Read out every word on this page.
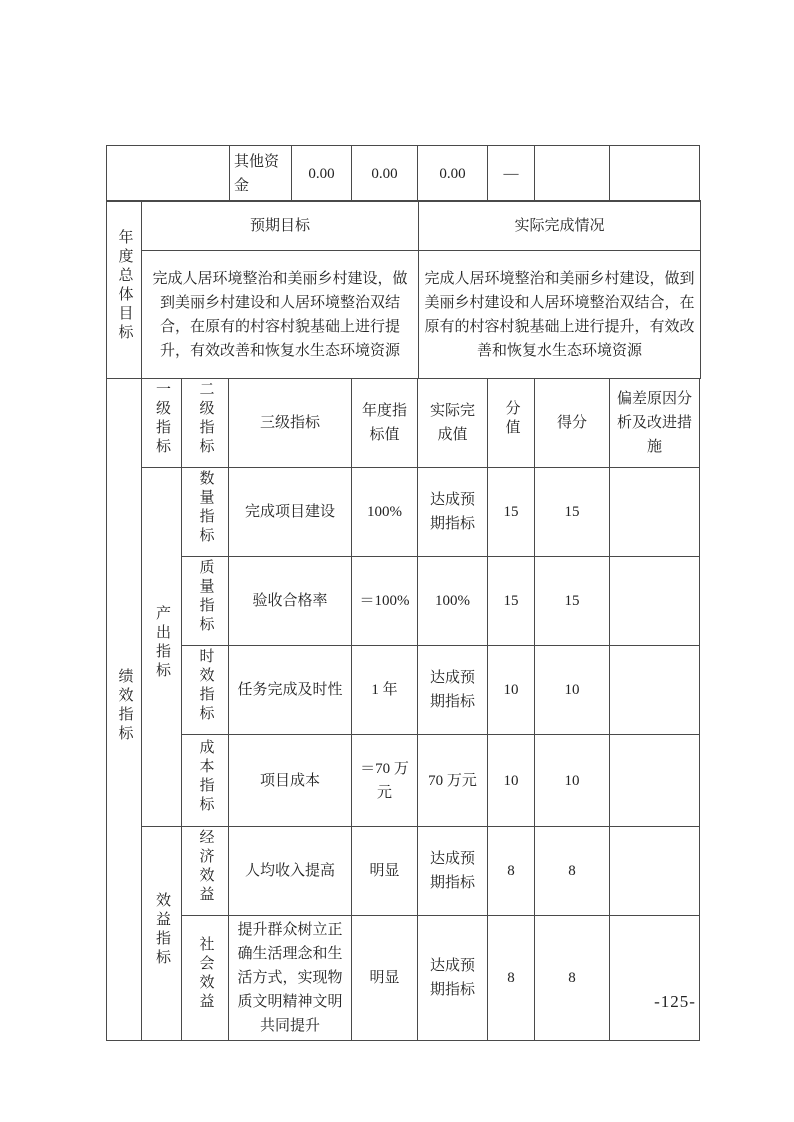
	其他资金	0.00	0.00	0.00	—		
年度总体目标	预期目标	实际完成情况
	完成人居环境整治和美丽乡村建设，做到美丽乡村建设和人居环境整治双结合，在原有的村容村貌基础上进行提升，有效改善和恢复水生态环境资源	完成人居环境整治和美丽乡村建设，做到美丽乡村建设和人居环境整治双结合，在原有的村容村貌基础上进行提升，有效改善和恢复水生态环境资源
绩效指标	一级指标	二级指标	三级指标	年度指标值	实际完成值	分值	得分	偏差原因分析及改进措施
	产出指标	数量指标	完成项目建设	100%	达成预期指标	15	15	
		质量指标	验收合格率	＝100%	100%	15	15	
		时效指标	任务完成及时性	1 年	达成预期指标	10	10	
		成本指标	项目成本	＝70 万元	70 万元	10	10	
	效益指标	经济效益	人均收入提高	明显	达成预期指标	8	8	
		社会效益	提升群众树立正确生活理念和生活方式，实现物质文明精神文明共同提升	明显	达成预期指标	8	8	
-125-
